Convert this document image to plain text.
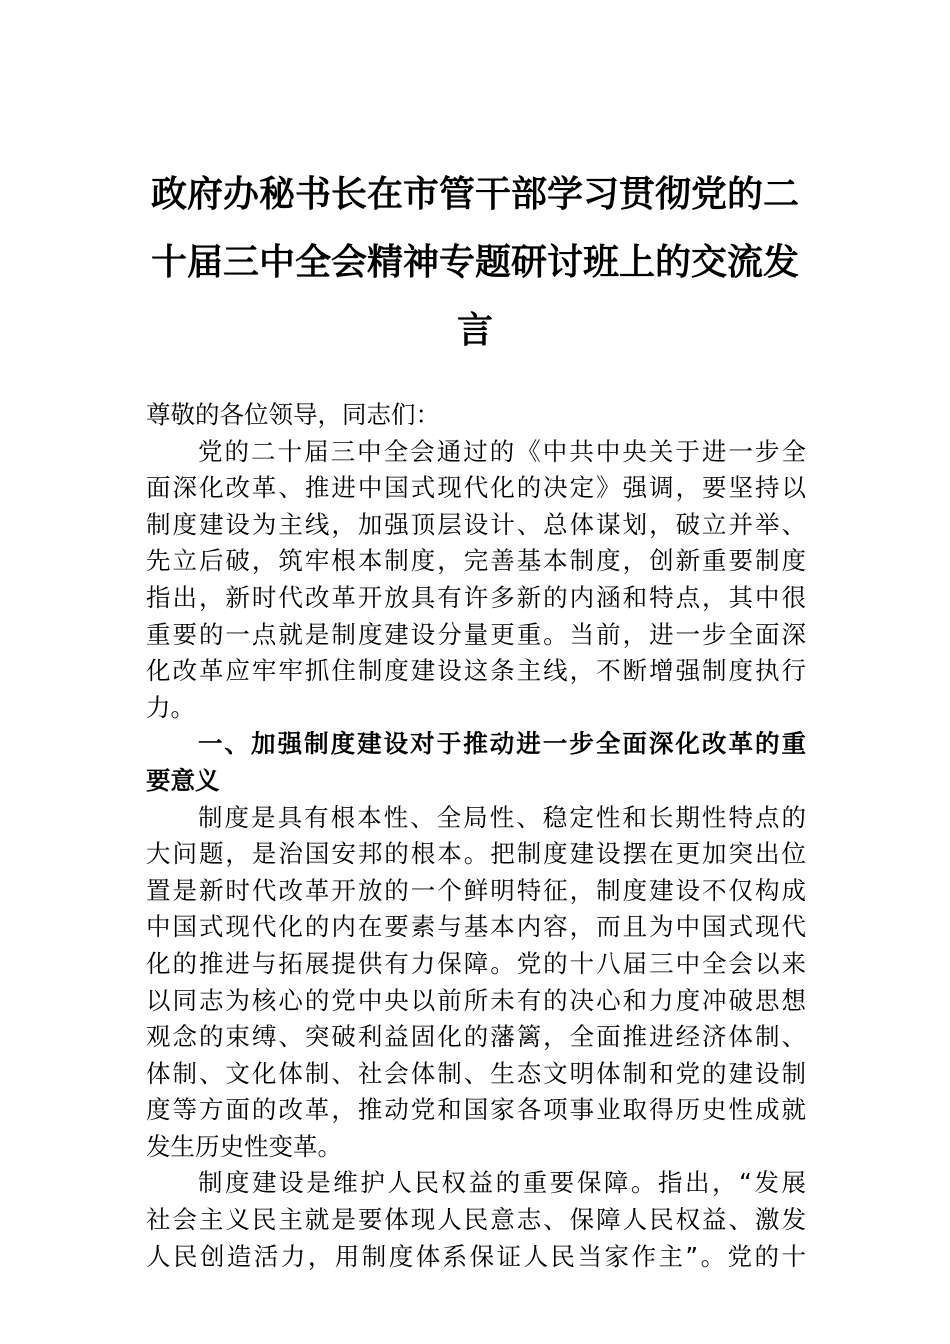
政府办秘书长在市管干部学习贯彻党的二
十届三中全会精神专题研讨班上的交流发
言
尊敬的各位领导，同志们：
党的二十届三中全会通过的《中共中央关于进一步全
面深化改革、推进中国式现代化的决定》强调，要坚持以
制度建设为主线，加强顶层设计、总体谋划，破立并举、
先立后破，筑牢根本制度，完善基本制度，创新重要制度
指出，新时代改革开放具有许多新的内涵和特点，其中很
重要的一点就是制度建设分量更重。当前，进一步全面深
化改革应牢牢抓住制度建设这条主线，不断增强制度执行
力。
一、加强制度建设对于推动进一步全面深化改革的重
要意义
制度是具有根本性、全局性、稳定性和长期性特点的
大问题，是治国安邦的根本。把制度建设摆在更加突出位
置是新时代改革开放的一个鲜明特征，制度建设不仅构成
中国式现代化的内在要素与基本内容，而且为中国式现代
化的推进与拓展提供有力保障。党的十八届三中全会以来
以同志为核心的党中央以前所未有的决心和力度冲破思想
观念的束缚、突破利益固化的藩篱，全面推进经济体制、
体制、文化体制、社会体制、生态文明体制和党的建设制
度等方面的改革，推动党和国家各项事业取得历史性成就
发生历史性变革。
制度建设是维护人民权益的重要保障。指出，“发展
社会主义民主就是要体现人民意志、保障人民权益、激发
人民创造活力，用制度体系保证人民当家作主”。党的十
